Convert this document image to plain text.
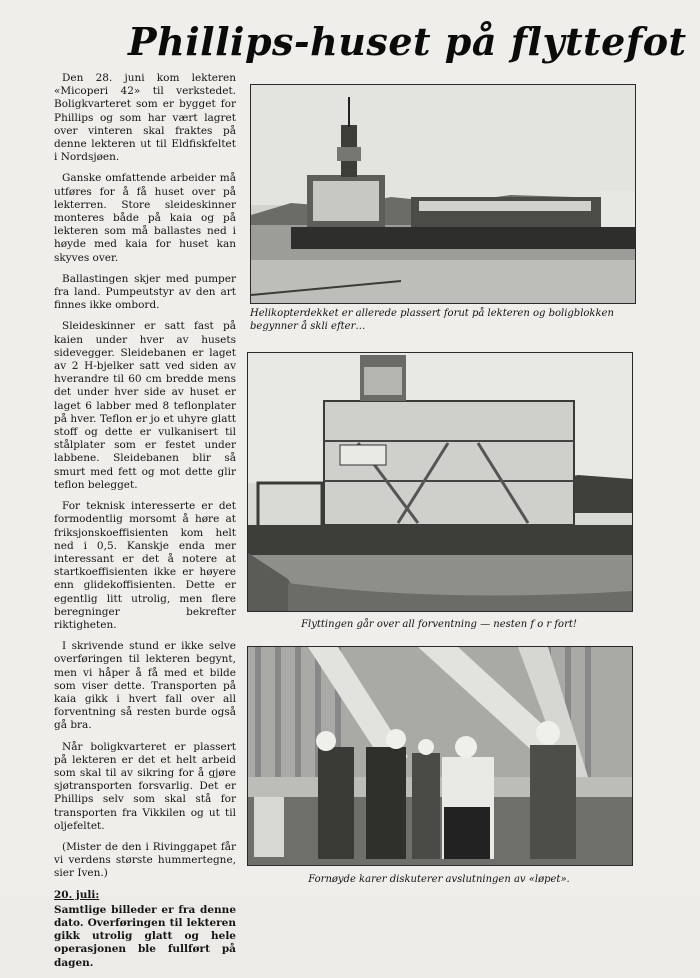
Phillips-huset på flyttefot

Den 28. juni kom lekteren «Micoperi 42» til verkstedet. Boligkvarteret som er bygget for Phillips og som har vært lagret over vinteren skal fraktes på denne lekteren ut til Eldfiskfeltet i Nordsjøen.

Ganske omfattende arbeider må utføres for å få huset over på lekterren. Store sleideskinner monteres både på kaia og på lekteren som må ballastes ned i høyde med kaia for huset kan skyves over.

Ballastingen skjer med pumper fra land. Pumpeutstyr av den art finnes ikke ombord.

Sleideskinner er satt fast på kaien under hver av husets sidevegger. Sleidebanen er laget av 2 H-bjelker satt ved siden av hverandre til 60 cm bredde mens det under hver side av huset er laget 6 labber med 8 teflonplater på hver. Teflon er jo et uhyre glatt stoff og dette er vulkanisert til stålplater som er festet under labbene. Sleidebanen blir så smurt med fett og mot dette glir teflon belegget.

For teknisk interesserte er det formodentlig morsomt å høre at friksjonskoeffisienten kom helt ned i 0,5. Kanskje enda mer interessant er det å notere at startkoeffisienten ikke er høyere enn glidekoffisienten. Dette er egentlig litt utrolig, men flere beregninger bekrefter riktigheten.

I skrivende stund er ikke selve overføringen til lekteren begynt, men vi håper å få med et bilde som viser dette. Transporten på kaia gikk i hvert fall over all forventning så resten burde også gå bra.

Når boligkvarteret er plassert på lekteren er det et helt arbeid som skal til av sikring for å gjøre sjøtransporten forsvarlig. Det er Phillips selv som skal stå for transporten fra Vikkilen og ut til oljefeltet.

(Mister de den i Rivinggapet får vi verdens største hummertegne, sier Iven.)

20. juli:

Samtlige billeder er fra denne dato. Overføringen til lekteren gikk utrolig glatt og hele operasjonen ble fullført på dagen.

Helikopterdekket er allerede plassert forut på lekteren og boligblokken begynner å skli efter…
Flyttingen går over all forventning — nesten f o r fort!
Fornøyde karer diskuterer avslutningen av «løpet».
